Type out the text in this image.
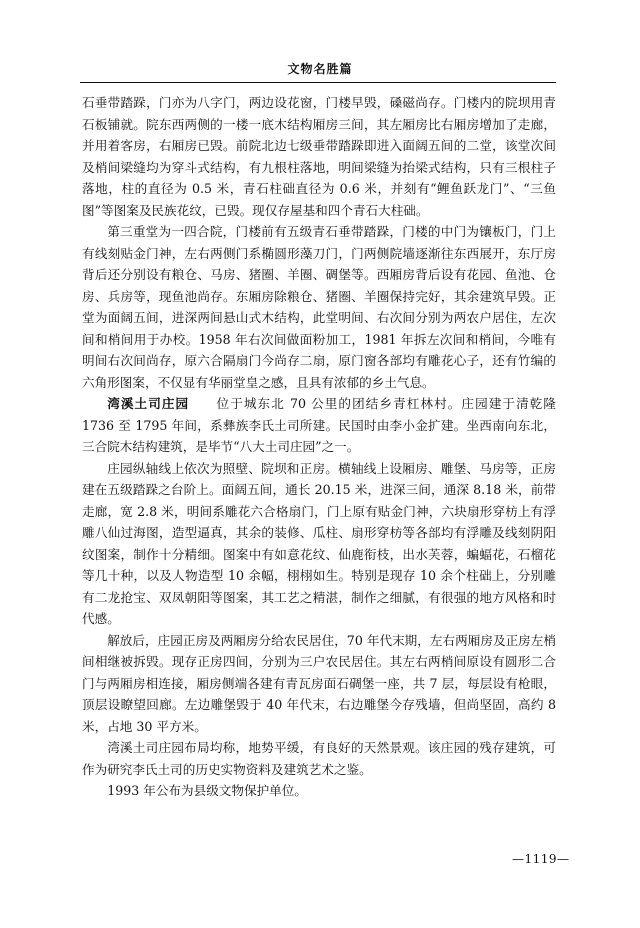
文物名胜篇

石垂带踏跺，门亦为八字门，两边设花窗，门楼早毁，磉磁尚存。门楼内的院坝用青石板铺就。院东西两侧的一楼一底木结构厢房三间，其左厢房比右厢房增加了走廊，并用着客房，右厢房已毁。前院北边七级垂带踏跺即进入面阔五间的二堂，该堂次间及梢间梁缝均为穿斗式结构，有九根柱落地，明间梁缝为抬梁式结构，只有三根柱子落地，柱的直径为 0.5 米，青石柱础直径为 0.6 米，并刻有“鲤鱼跃龙门”、“三鱼图”等图案及民族花纹，已毁。现仅存屋基和四个青石大柱础。

第三重堂为一四合院，门楼前有五级青石垂带踏跺，门楼的中门为镶板门，门上有线刻贴金门神，左右两侧门系椭圆形藻刀门，门两侧院墙逐渐往东西展开，东厅房背后还分别设有粮仓、马房、猪圈、羊圈、碉堡等。西厢房背后设有花园、鱼池、仓房、兵房等，现鱼池尚存。东厢房除粮仓、猪圈、羊圈保持完好，其余建筑早毁。正堂为面阔五间，进深两间悬山式木结构，此堂明间、右次间分别为两农户居住，左次间和梢间用于办校。1958 年右次间做面粉加工，1981 年拆左次间和梢间，今唯有明间右次间尚存，原六合隔扇门今尚存二扇，原门窗各部均有雕花心子，还有竹编的六角形图案，不仅显有华丽堂皇之感，且具有浓郁的乡土气息。

湾溪土司庄园　　 位于城东北 70 公里的团结乡青杠林村。庄园建于清乾隆 1736 至 1795 年间，系彝族李氏土司所建。民国时由李小金扩建。坐西南向东北，三合院木结构建筑，是毕节“八大土司庄园”之一。

庄园纵轴线上依次为照壁、院坝和正房。横轴线上设厢房、雕堡、马房等，正房建在五级踏跺之台阶上。面阔五间，通长 20.15 米，进深三间，通深 8.18 米，前带走廊，宽 2.8 米，明间系雕花六合格扇门，门上原有贴金门神，六块扇形穿枋上有浮雕八仙过海图，造型逼真，其余的装修、瓜柱、扇形穿枋等各部均有浮雕及线刻阴阳纹图案，制作十分精细。图案中有如意花纹、仙鹿衔枝，出水芙蓉，蝙蝠花，石榴花等几十种，以及人物造型 10 余幅，栩栩如生。特别是现存 10 余个柱础上，分别雕有二龙抢宝、双凤朝阳等图案，其工艺之精湛，制作之细腻，有很强的地方风格和时代感。

解放后，庄园正房及两厢房分给农民居住，70 年代末期，左右两厢房及正房左梢间相继被拆毁。现存正房四间，分别为三户农民居住。其左右两梢间原设有圆形二合门与两厢房相连接，厢房侧端各建有青瓦房面石碉堡一座，共 7 层，每层设有枪眼，顶层设瞭望回廊。左边雕堡毁于 40 年代末，右边雕堡今存残墙，但尚坚固，高约 8 米，占地 30 平方米。

湾溪土司庄园布局均称，地势平缓，有良好的天然景观。该庄园的残存建筑，可作为研究李氏土司的历史实物资料及建筑艺术之鉴。

1993 年公布为县级文物保护单位。

—1119—
